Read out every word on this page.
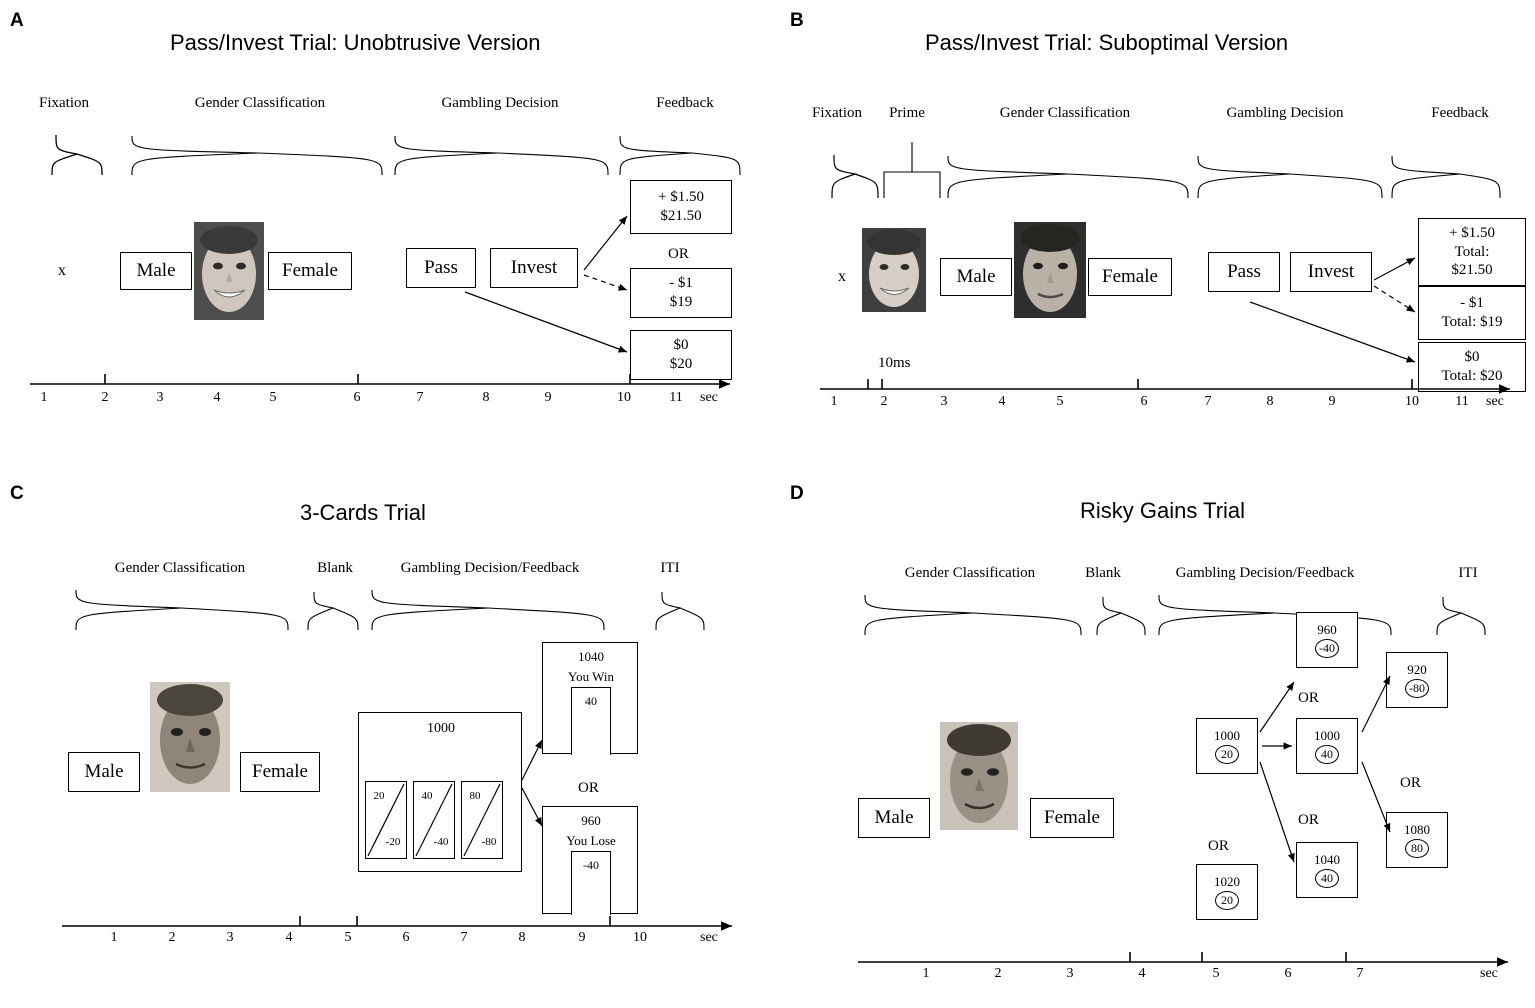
A
Pass/Invest Trial: Unobtrusive Version
Fixation	Gender Classification	Gambling Decision	Feedback
x	Male	Female	Pass	Invest
+ $1.50
$21.50
OR
- $1
$19
$0
$20
1	2	3	4	5	6	7	8	9	10	11	sec
B
Pass/Invest Trial: Suboptimal Version
Fixation	Prime	Gender Classification	Gambling Decision	Feedback
x	Male	Female	Pass	Invest
+ $1.50
Total:
$21.50
- $1
Total: $19
$0
Total: $20
10ms
1	2	3	4	5	6	7	8	9	10	11	sec
C
3-Cards Trial
Gender Classification	Blank	Gambling Decision/Feedback	ITI
Male	Female
1000
20
-20
40
-40
80
-80
1040
You Win
40
OR
960
You Lose
-40
1	2	3	4	5	6	7	8	9	10	sec
D
Risky Gains Trial
Gender Classification	Blank	Gambling Decision/Feedback	ITI
Male	Female
1000
20
1000
40
960
-40
1020
20
1040
40
920
-80
1080
80
OR
OR
OR
OR
1	2	3	4	5	6	7	sec
